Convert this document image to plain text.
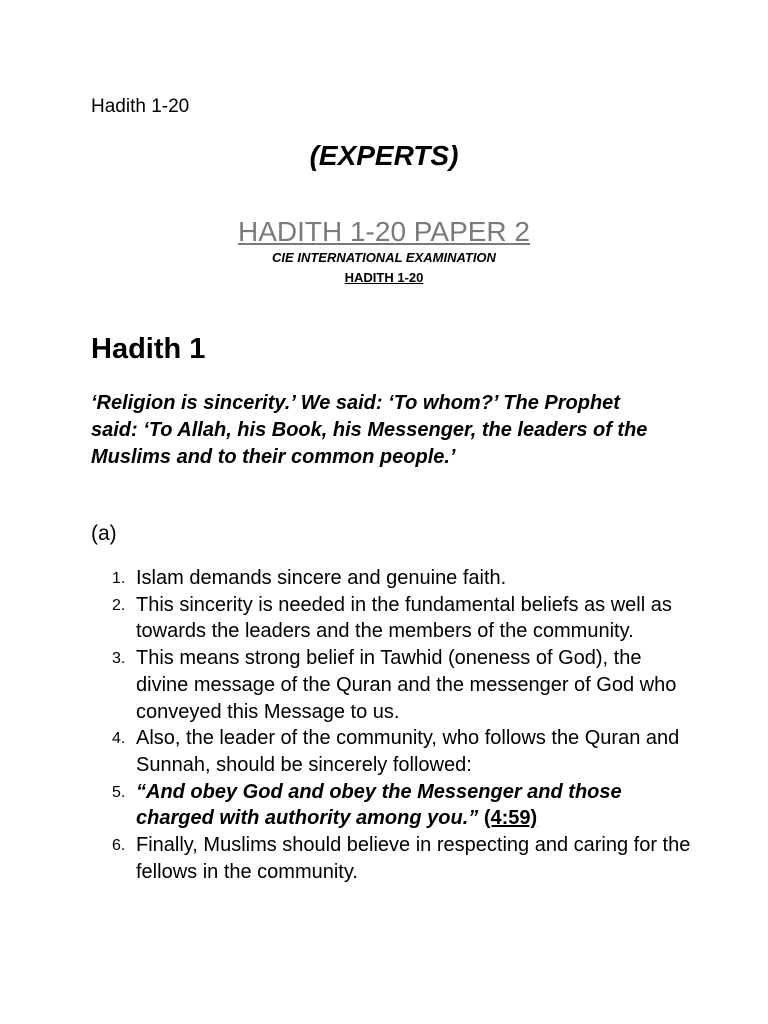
Hadith 1-20
(EXPERTS)
HADITH 1-20 PAPER 2
CIE INTERNATIONAL EXAMINATION
HADITH 1-20
Hadith 1
‘Religion is sincerity.’ We said: ‘To whom?’ The Prophet said: ‘To Allah, his Book, his Messenger, the leaders of the Muslims and to their common people.’
(a)
1. Islam demands sincere and genuine faith.
2. This sincerity is needed in the fundamental beliefs as well as towards the leaders and the members of the community.
3. This means strong belief in Tawhid (oneness of God), the divine message of the Quran and the messenger of God who conveyed this Message to us.
4. Also, the leader of the community, who follows the Quran and Sunnah, should be sincerely followed:
5. “And obey God and obey the Messenger and those charged with authority among you.” (4:59)
6. Finally, Muslims should believe in respecting and caring for the fellows in the community.
